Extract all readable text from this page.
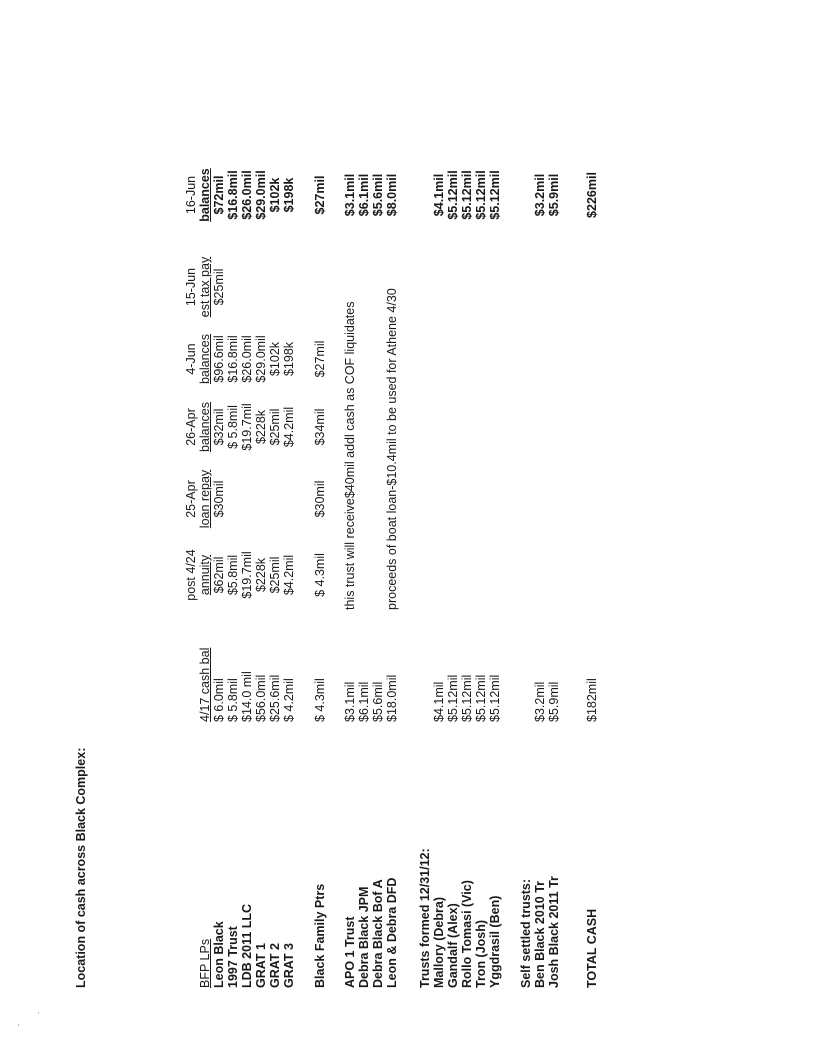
Location of cash across Black Complex:
post 4/24
25-Apr
26-Apr
4-Jun
15-Jun
16-Jun
BFP LPs
4/17 cash bal
annuity
loan repay
balances
balances
est tax pay
balances
Leon Black
$ 6.0mil
$62mil
$30mil
$32mil
$96.6mil
$25mil
$72mil
1997 Trust
$ 5.8mil
$5.8mil
$ 5.8mil
$16.8mil
$16.8mil
LDB 2011 LLC
$14.0 mil
$19.7mil
$19.7mil
$26.0mil
$26.0mil
GRAT 1
$56.0mil
$228k
$228k
$29.0mil
$29.0mil
GRAT 2
$25.6mil
$25mil
$25mil
$102k
$102k
GRAT 3
$ 4.2mil
$4.2mil
$4.2mil
$198k
$198k
Black Family Ptrs
$ 4.3mil
$ 4.3mil
$30mil
$34mil
$27mil
$27mil
APO 1 Trust
$3.1mil
this trust will receive$40mil addl cash as COF liquidates
$3.1mil
Debra Black JPM
$6.1mil
$6.1mil
Debra Black Bof A
$5.6mil
$5.6mil
Leon & Debra DFD
$18.0mil
proceeds of boat loan-$10.4mil to be used for Athene 4/30
$8.0mil
Trusts formed 12/31/12: Mallory (Debra)
$4.1mil
$4.1mil
Gandalf (Alex)
$5.12mil
$5.12mil
Rollo Tomasi (Vic)
$5.12mil
$5.12mil
Tron (Josh)
$5.12mil
$5.12mil
Yggdrasil (Ben)
$5.12mil
$5.12mil
Self settled trusts: Ben Black 2010 Tr
$3.2mil
$3.2mil
Josh Black 2011 Tr
$5.9mil
$5.9mil
TOTAL CASH
$182mil
$226mil
